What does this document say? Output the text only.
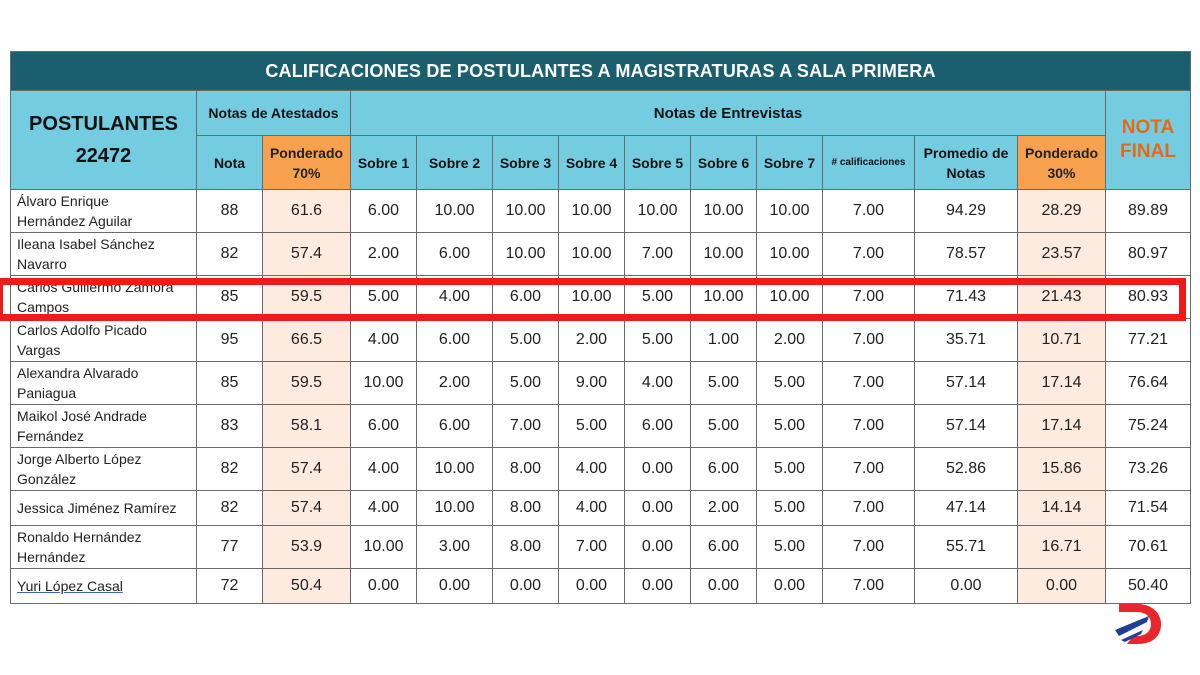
CALIFICACIONES DE POSTULANTES A MAGISTRATURAS A SALA PRIMERA													

POSTULANTES
22472	Notas de Atestados		Notas de Entrevistas										NOTA FINAL
	Nota	Ponderado 70%	Sobre 1	Sobre 2	Sobre 3	Sobre 4	Sobre 5	Sobre 6	Sobre 7	# calificaciones	Promedio de Notas	Ponderado 30%	

Álvaro Enrique
Hernández Aguilar	88	61.6	6.00	10.00	10.00	10.00	10.00	10.00	10.00	7.00	94.29	28.29	89.89

Ileana Isabel Sánchez
Navarro	82	57.4	2.00	6.00	10.00	10.00	7.00	10.00	10.00	7.00	78.57	23.57	80.97

Carlos Guillermo Zamora
Campos	85	59.5	5.00	4.00	6.00	10.00	5.00	10.00	10.00	7.00	71.43	21.43	80.93

Carlos Adolfo Picado
Vargas	95	66.5	4.00	6.00	5.00	2.00	5.00	1.00	2.00	7.00	35.71	10.71	77.21

Alexandra Alvarado
Paniagua	85	59.5	10.00	2.00	5.00	9.00	4.00	5.00	5.00	7.00	57.14	17.14	76.64

Maikol José Andrade
Fernández	83	58.1	6.00	6.00	7.00	5.00	6.00	5.00	5.00	7.00	57.14	17.14	75.24

Jorge Alberto López
González	82	57.4	4.00	10.00	8.00	4.00	0.00	6.00	5.00	7.00	52.86	15.86	73.26

Jessica Jiménez Ramírez	82	57.4	4.00	10.00	8.00	4.00	0.00	2.00	5.00	7.00	47.14	14.14	71.54

Ronaldo Hernández
Hernández	77	53.9	10.00	3.00	8.00	7.00	0.00	6.00	5.00	7.00	55.71	16.71	70.61

Yuri López Casal	72	50.4	0.00	0.00	0.00	0.00	0.00	0.00	0.00	7.00	0.00	0.00	50.40
